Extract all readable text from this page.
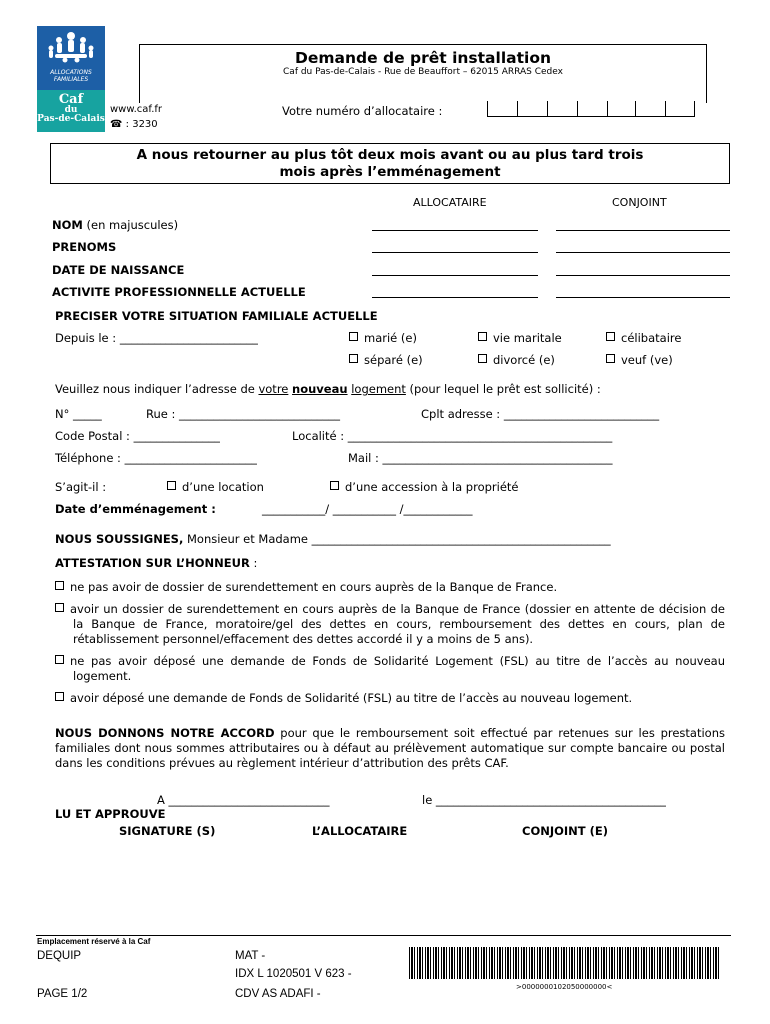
ALLOCATIONS
FAMILIALES
Caf
du
Pas-de-Calais
www.caf.fr
☎ : 3230
Demande de prêt installation
Caf du Pas-de-Calais - Rue de Beauffort – 62015 ARRAS Cedex
Votre numéro d’allocataire :
A nous retourner au plus tôt deux mois avant ou au plus tard trois
mois après l’emménagement
ALLOCATAIRE	CONJOINT
NOM (en majuscules)
PRENOMS
DATE DE NAISSANCE
ACTIVITE PROFESSIONNELLE ACTUELLE
PRECISER VOTRE SITUATION FAMILIALE ACTUELLE
Depuis le : ________________________	marié (e)	vie maritale	célibataire
séparé (e)	divorcé (e)	veuf (ve)
Veuillez nous indiquer l’adresse de votre nouveau logement (pour lequel le prêt est sollicité) :
N° _____	Rue : ____________________________	Cplt adresse : ___________________________
Code Postal : _______________	Localité : ______________________________________________
Téléphone : _______________________	Mail : ________________________________________
S’agit-il :	d’une location	d’une accession à la propriété
Date d’emménagement :	___________/ ___________ /____________
NOUS SOUSSIGNES, Monsieur et Madame ____________________________________________________
ATTESTATION SUR L’HONNEUR :
ne pas avoir de dossier de surendettement en cours auprès de la Banque de France.
avoir un dossier de surendettement en cours auprès de la Banque de France (dossier en attente de décision de la Banque de France, moratoire/gel des dettes en cours, remboursement des dettes en cours, plan de rétablissement personnel/effacement des dettes accordé il y a moins de 5 ans).
ne pas avoir déposé une demande de Fonds de Solidarité Logement (FSL) au titre de l’accès au nouveau logement.
avoir déposé une demande de Fonds de Solidarité (FSL) au titre de l’accès au nouveau logement.
NOUS DONNONS NOTRE ACCORD pour que le remboursement soit effectué par retenues sur les prestations familiales dont nous sommes attributaires ou à défaut au prélèvement automatique sur compte bancaire ou postal dans les conditions prévues au règlement intérieur d’attribution des prêts CAF.
A ____________________________	le ________________________________________
LU ET APPROUVE
SIGNATURE (S)	L’ALLOCATAIRE	CONJOINT (E)
Emplacement réservé à la Caf
DEQUIP
PAGE 1/2
MAT -
IDX L 1020501 V 623 -
CDV AS ADAFI -
>0000000102050000000<
